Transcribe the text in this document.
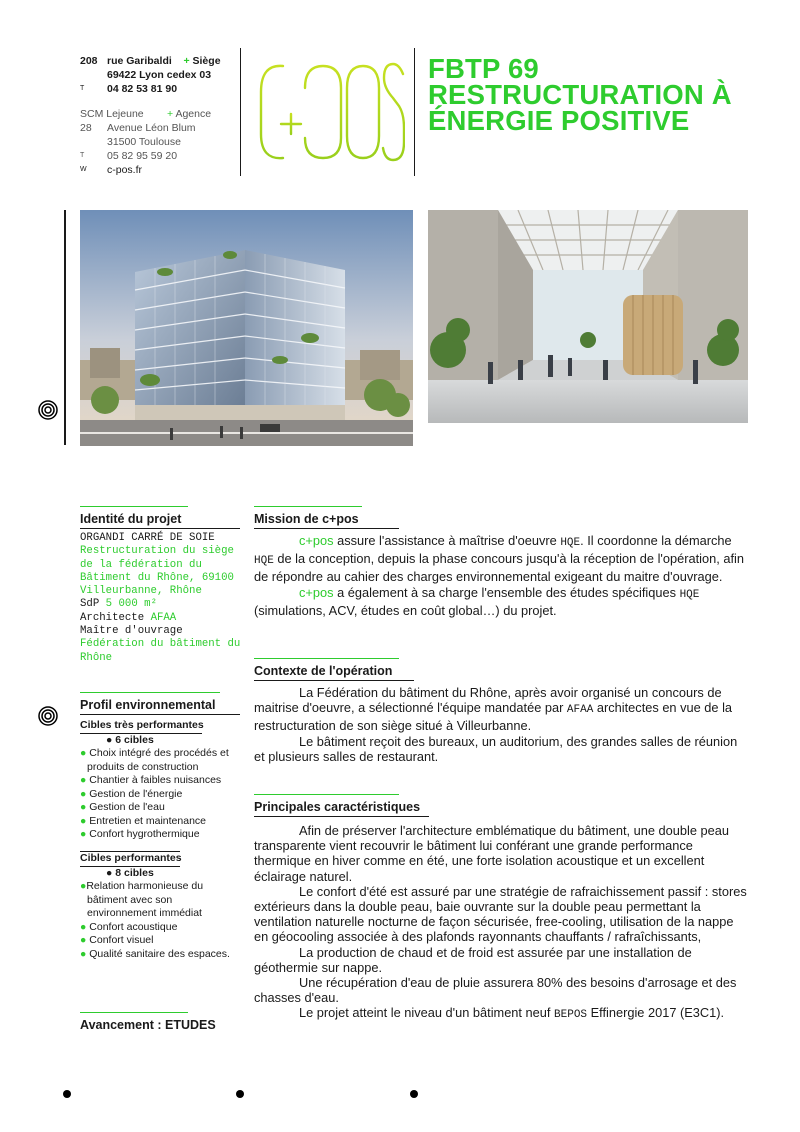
208 rue Garibaldi + Siège
69422 Lyon cedex 03
T	04 82 53 81 90
SCM Lejeune + Agence
28	Avenue Léon Blum
31500 Toulouse
T	05 82 95 59 20
W	c-pos.fr
FBTP 69
RESTRUCTURATION À
ÉNERGIE POSITIVE
Identité du projet
ORGANDI CARRÉ DE SOIE
Restructuration du siège de la fédération du Bâtiment du Rhône, 69100 Villeurbanne, Rhône
SdP 5 000 m²
Architecte AFAA
Maître d'ouvrage
Fédération du bâtiment du Rhône
Profil environnemental
Cibles très performantes
● 6 cibles
● Choix intégré des procédés et produits de construction
● Chantier à faibles nuisances
● Gestion de l'énergie
● Gestion de l'eau
● Entretien et maintenance
● Confort hygrothermique
Cibles performantes
● 8 cibles
●Relation harmonieuse du bâtiment avec son environnement immédiat
● Confort acoustique
● Confort visuel
● Qualité sanitaire des espaces.
Avancement : ETUDES
Mission de c+pos

c+pos assure l'assistance à maîtrise d'oeuvre HQE. Il coordonne la démarche HQE de la conception, depuis la phase concours jusqu'à la réception de l'opération, afin de répondre au cahier des charges environnemental exigeant du maitre d'ouvrage.

c+pos a également à sa charge l'ensemble des études spécifiques HQE
(simulations, ACV, études en coût global…) du projet.

Contexte de l'opération

La Fédération du bâtiment du Rhône, après avoir organisé un concours de maitrise d'oeuvre, a sélectionné l'équipe mandatée par AFAA architectes en vue de la restructuration de son siège situé à Villeurbanne.

Le bâtiment reçoit des bureaux, un auditorium, des grandes salles de réunion et plusieurs salles de restaurant.

Principales caractéristiques

Afin de préserver l'architecture emblématique du bâtiment, une double peau transparente vient recouvrir le bâtiment lui conférant une grande performance thermique en hiver comme en été, une forte isolation acoustique et un excellent éclairage naturel.

Le confort d'été est assuré par une stratégie de rafraichissement passif : stores extérieurs dans la double peau, baie ouvrante sur la double peau permettant la ventilation naturelle nocturne de façon sécurisée, free-cooling, utilisation de la nappe en géocooling associée à des plafonds rayonnants chauffants / rafraîchissants,

La production de chaud et de froid est assurée par une installation de géothermie sur nappe.

Une récupération d'eau de pluie assurera 80% des besoins d'arrosage et des chasses d'eau.

Le projet atteint le niveau d'un bâtiment neuf BEPOS Effinergie 2017 (E3C1).
